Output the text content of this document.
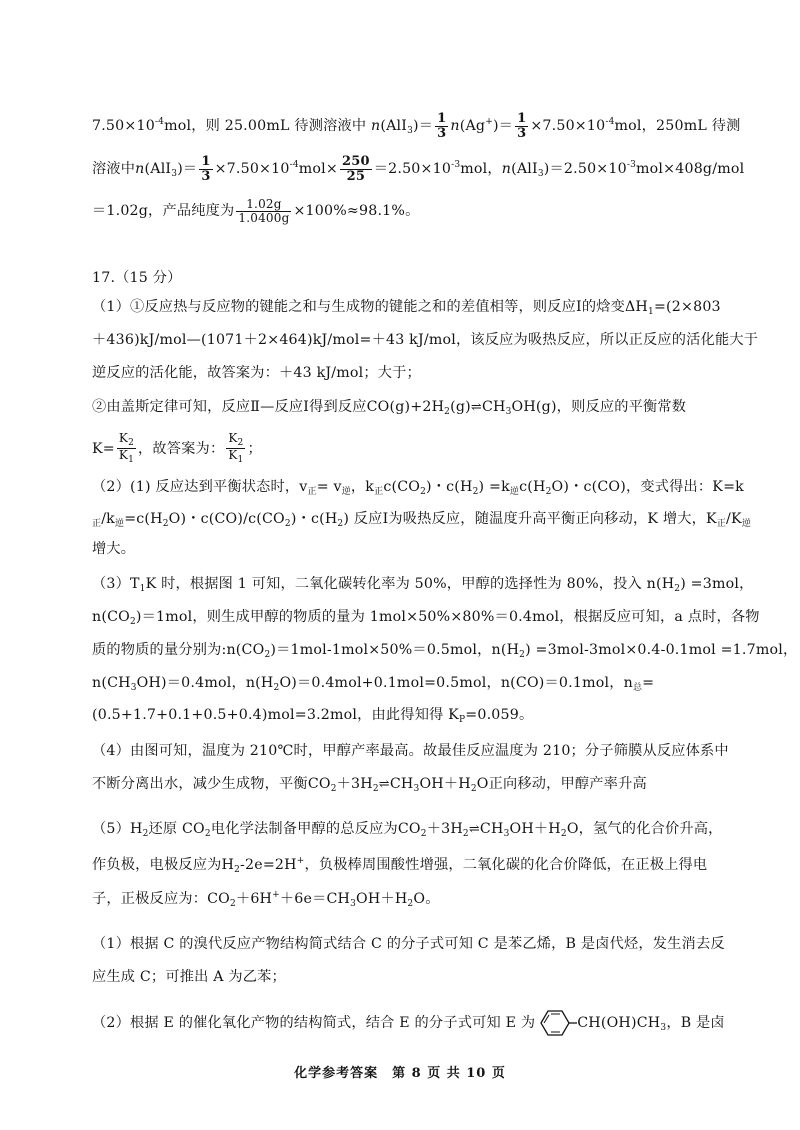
$7.50\times 10^{-4}mol$，则 25.00mL 待测溶液中 $n(AlI_3)= \frac{1}{3} n(Ag^+)= \frac{1}{3} \times 7.50\times 10^{-4}mol$，250mL 待测
溶液中$n(AlI_3)= \frac{1}{3} \times 7.50\times 10^{-4}mol\times \frac{250}{25} =2.50\times 10^{-3}mol$，$n(AlI_3)=2.50\times 10^{-3}mol\times 408g$/mol
＝1.02g，产品纯度为 $\frac{1.02g}{1.0400g} \times 100\%\approx 98.1\%$。
17.（15 分）
（1）①反应热与反应物的键能之和与生成物的键能之和的差值相等，则反应Ⅰ的焓变$\Delta H_1=(2\times 803$
＋436)kJ/mol—(1071＋2×464)kJ/mol=＋43 kJ/mol，该反应为吸热反应，所以正反应的活化能大于
逆反应的活化能，故答案为：＋43 kJ/mol；大于；
②由盖斯定律可知，反应Ⅱ—反应Ⅰ得到反应$CO(g)+2H_2(g)\rightleftharpoons CH_3OH(g)$，则反应的平衡常数
$K= \frac{K_2}{K_1}$ ，故答案为： $\frac{K_2}{K_1}$ ；
（2）(1) 反应达到平衡状态时，$v_正= v_逆$，$k_正c(CO_2)$・$c(H_2) =k_逆c(H_2O)$・c(CO)，变式得出：K=k
$_正/k_逆=c(H_2O)$・$c(CO)/c(CO_2)$・$c(H_2)$ 反应Ⅰ为吸热反应，随温度升高平衡正向移动，K 增大，$K_正/K_逆$
增大。
$(3)T_1K$ 时，根据图 1 可知，二氧化碳转化率为 50%，甲醇的选择性为 80%，投入 $n(H_2) =3mol$，
$n(CO_2)=1mol$，则生成甲醇的物质的量为 1mol×50%×80%＝0.4mol，根据反应可知，a 点时，各物
质的物质的量分别为$:n(CO_2)=1mol-1mol\times 50\%=0.5mol$，$n(H_2) =3mol-3mol\times 0.4-0.1mol =1.7mol$，
$n(CH_3OH)=0.4mol$，$n(H_2O)=0.4mol+0.1mol=0.5mol$，n(CO)＝0.1mol，$n_总=$
(0.5+1.7+0.1+0.5+0.4)mol=3.2mol，由此得知得 $K_P=0.059$。
（4）由图可知，温度为 210℃时，甲醇产率最高。故最佳反应温度为 210；分子筛膜从反应体系中
不断分离出水，减少生成物，平衡$CO_2+3H_2\rightleftharpoons CH_3OH+H_2O$正向移动，甲醇产率升高
$(5)H_2$还原 $CO_2$电化学法制备甲醇的总反应为$CO_2+3H_2\rightleftharpoons CH_3OH+H_2O$，氢气的化合价升高，
作负极，电极反应为$H_2-2e=2H^+$，负极棒周围酸性增强，二氧化碳的化合价降低，在正极上得电
子，正极反应为：$CO_2+6H^++6e=CH_3OH+H_2O$。
（1）根据 C 的溴代反应产物结构简式结合 C 的分子式可知 C 是苯乙烯，B 是卤代烃，发生消去反
应生成 C；可推出 A 为乙苯；
（2）根据 E 的催化氧化产物的结构简式，结合 E 的分子式可知 E 为	$CH(OH)CH_3$，B 是卤
化学参考答案　第 8 页 共 10 页
